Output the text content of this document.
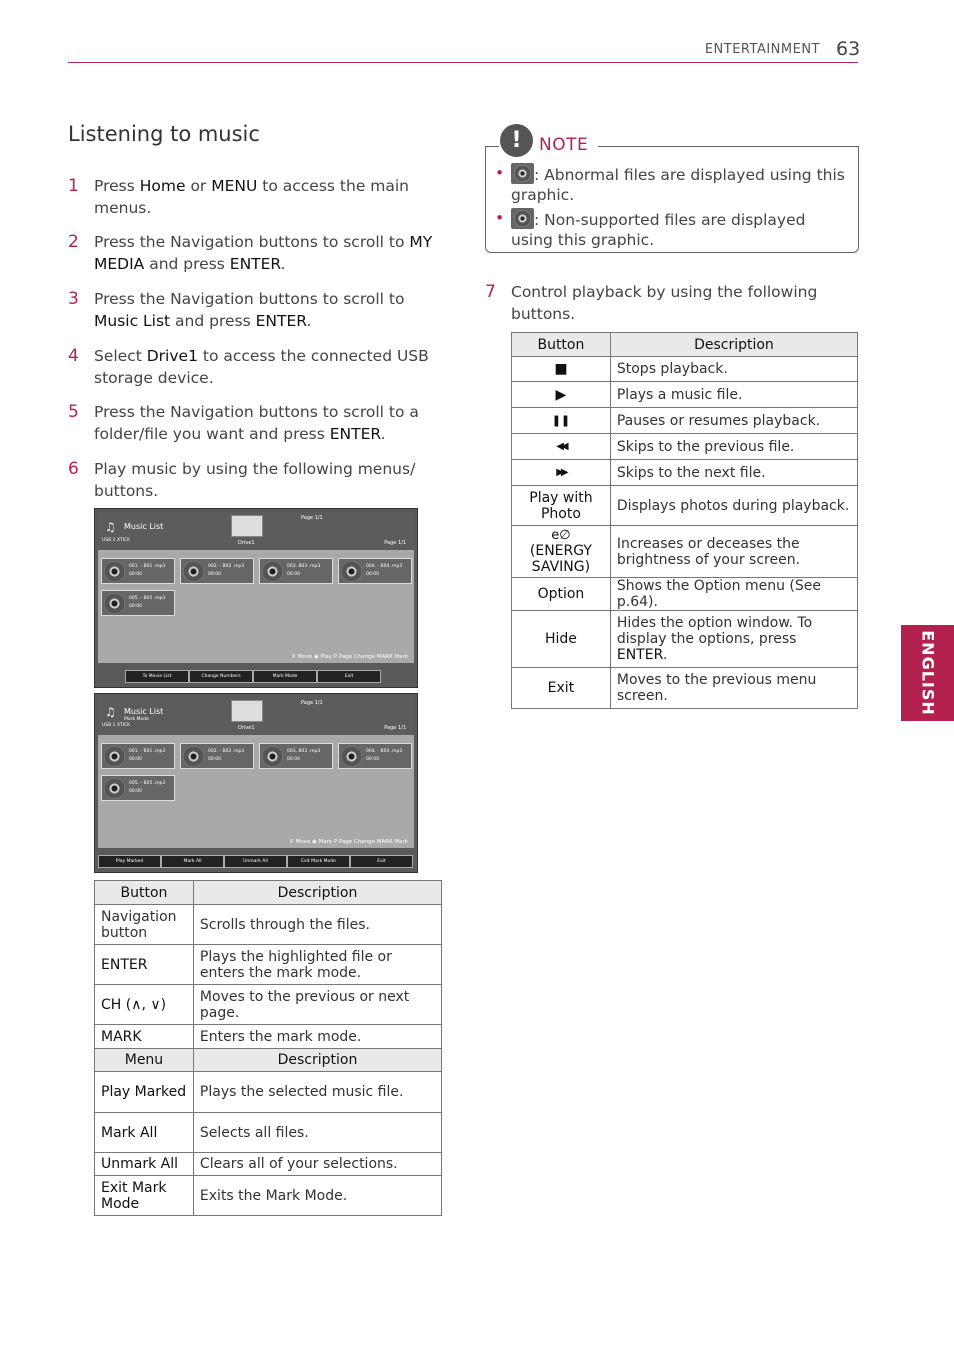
ENTERTAINMENT 63
ENGLISH
Listening to music
1 Press Home or MENU to access the main menus.
2 Press the Navigation buttons to scroll to MY MEDIA and press ENTER.
3 Press the Navigation buttons to scroll to Music List and press ENTER.
4 Select Drive1 to access the connected USB storage device.
5 Press the Navigation buttons to scroll to a folder/file you want and press ENTER.
6 Play music by using the following menus/ buttons.
♫ Music List
USB 1 XTICK	Drive1
Page 1/1
Page 1/1
001. - B01 .mp3
00:00
002. - B02 .mp3
00:00
003. B03 .mp3
00:00
004. - B04 .mp3
00:00
005. - B05 .mp3
00:00
⇕ Move ◉ Play P Page Change MARK Mark
To Movie List	Change Numbers	Mark Mode	Exit
♫ Music List
Mark Mode
USB 1 XTICK	Drive1
Page 1/1
Page 1/1
001. - B01 .mp3
00:00
002. - B02 .mp3
00:00
003. B03 .mp3
00:00
004. - B04 .mp3
00:00
005. - B05 .mp3
00:00
⇕ Move ◉ Mark P Page Change MARK Mark
Play Marked	Mark All	Unmark All	Exit Mark Mode	Exit
Button	Description
Navigation button	Scrolls through the files.
ENTER	Plays the highlighted file or enters the mark mode.
CH (∧, ∨)	Moves to the previous or next page.
MARK	Enters the mark mode.
Menu	Description
Play Marked	Plays the selected music file.
Mark All	Selects all files.
Unmark All	Clears all of your selections.
Exit Mark Mode	Exits the Mark Mode.
!	NOTE
•	: Abnormal files are displayed using this graphic.
•	: Non-supported files are displayed using this graphic.
7 Control playback by using the following buttons.
Button	Description
■	Stops playback.
▶	Plays a music file.
❚❚	Pauses or resumes playback.
◀◀	Skips to the previous file.
▶▶	Skips to the next file.
Play with Photo	Displays photos during playback.

e∅
(ENERGY SAVING)	Increases or deceases the brightness of your screen.
Option	Shows the Option menu (See p.64).
Hide	Hides the option window. To display the options, press ENTER.
Exit	Moves to the previous menu screen.
